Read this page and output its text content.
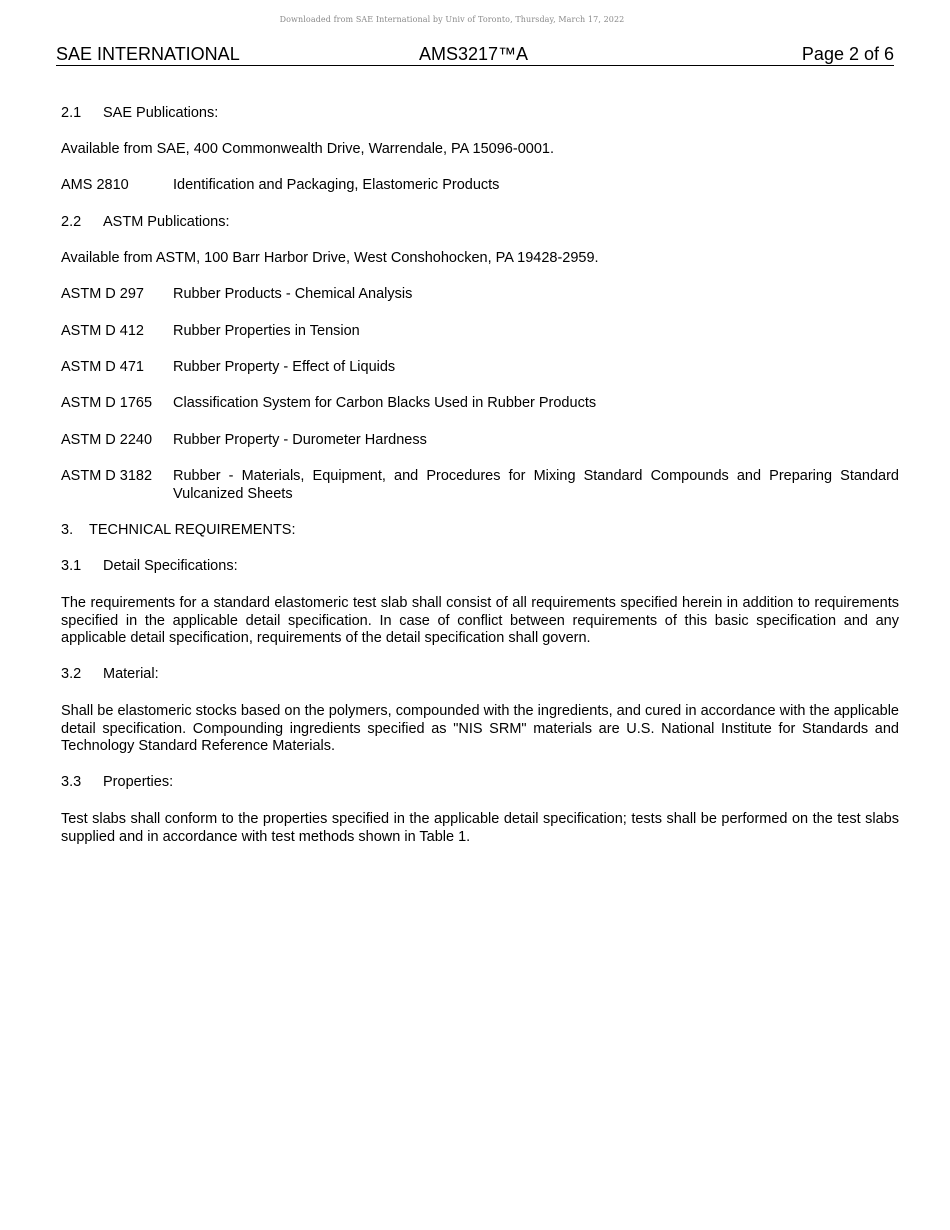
Downloaded from SAE International by Univ of Toronto, Thursday, March 17, 2022
SAE INTERNATIONAL	AMS3217™A	Page 2 of 6
2.1 SAE Publications:
Available from SAE, 400 Commonwealth Drive, Warrendale, PA 15096-0001.
AMS 2810	Identification and Packaging, Elastomeric Products
2.2 ASTM Publications:
Available from ASTM, 100 Barr Harbor Drive, West Conshohocken, PA 19428-2959.
ASTM D 297 Rubber Products - Chemical Analysis
ASTM D 412 Rubber Properties in Tension
ASTM D 471 Rubber Property - Effect of Liquids
ASTM D 1765 Classification System for Carbon Blacks Used in Rubber Products
ASTM D 2240 Rubber Property - Durometer Hardness
ASTM D 3182 Rubber - Materials, Equipment, and Procedures for Mixing Standard Compounds and Preparing Standard Vulcanized Sheets
3. TECHNICAL REQUIREMENTS:
3.1 Detail Specifications:
The requirements for a standard elastomeric test slab shall consist of all requirements specified herein in addition to requirements specified in the applicable detail specification. In case of conflict between requirements of this basic specification and any applicable detail specification, requirements of the detail specification shall govern.
3.2 Material:
Shall be elastomeric stocks based on the polymers, compounded with the ingredients, and cured in accordance with the applicable detail specification. Compounding ingredients specified as "NIS SRM" materials are U.S. National Institute for Standards and Technology Standard Reference Materials.
3.3 Properties:
Test slabs shall conform to the properties specified in the applicable detail specification; tests shall be performed on the test slabs supplied and in accordance with test methods shown in Table 1.
